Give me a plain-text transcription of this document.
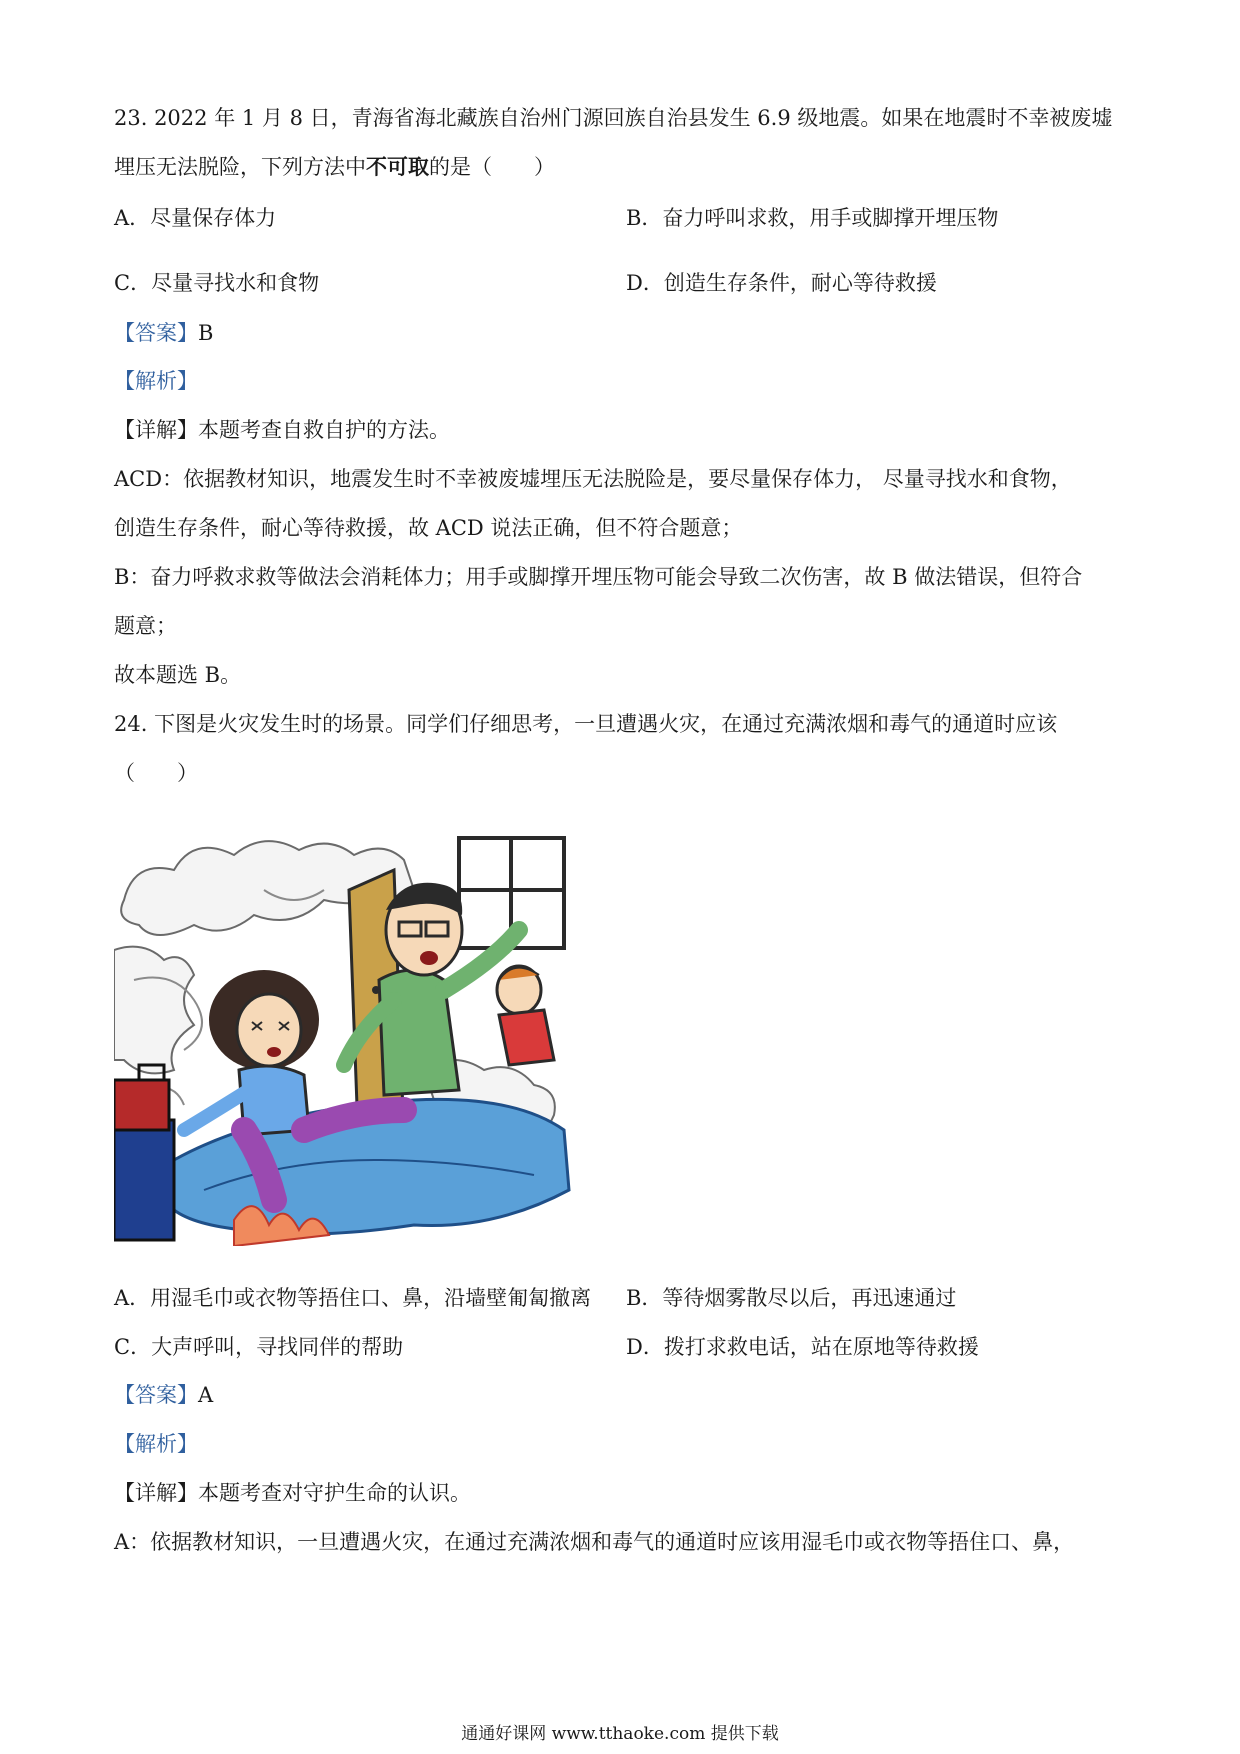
23. 2022 年 1 月 8 日，青海省海北藏族自治州门源回族自治县发生 6.9 级地震。如果在地震时不幸被废墟
埋压无法脱险，下列方法中不可取的是（　　）
A．尽量保存体力	B．奋力呼叫求救，用手或脚撑开埋压物
C．尽量寻找水和食物	D．创造生存条件，耐心等待救援
【答案】B
【解析】
【详解】本题考查自救自护的方法。
ACD：依据教材知识，地震发生时不幸被废墟埋压无法脱险是，要尽量保存体力， 尽量寻找水和食物，
创造生存条件，耐心等待救援，故 ACD 说法正确，但不符合题意；
B：奋力呼救求救等做法会消耗体力；用手或脚撑开埋压物可能会导致二次伤害，故 B 做法错误，但符合
题意；
故本题选 B。
24. 下图是火灾发生时的场景。同学们仔细思考，一旦遭遇火灾，在通过充满浓烟和毒气的通道时应该
（　　）
A．用湿毛巾或衣物等捂住口、鼻，沿墙壁匍匐撤离 B．等待烟雾散尽以后，再迅速通过
C．大声呼叫，寻找同伴的帮助	D．拨打求救电话，站在原地等待救援
【答案】A
【解析】
【详解】本题考查对守护生命的认识。
A：依据教材知识，一旦遭遇火灾，在通过充满浓烟和毒气的通道时应该用湿毛巾或衣物等捂住口、鼻，
通通好课网 www.tthaoke.com 提供下载
